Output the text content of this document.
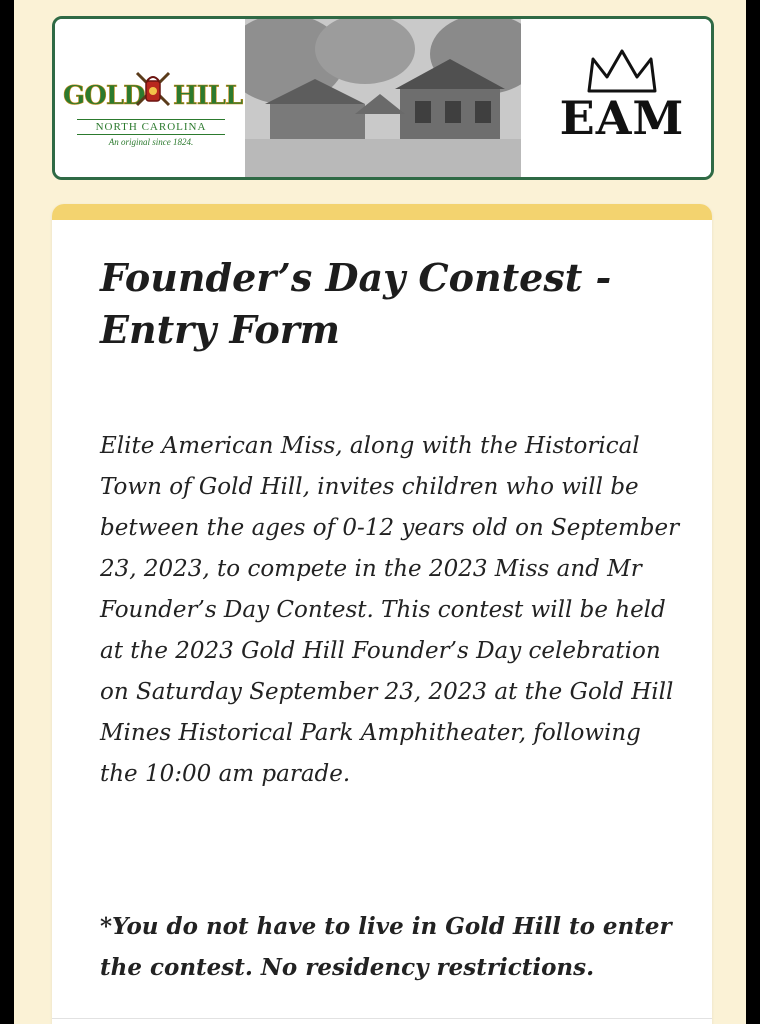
GOLD HILL
NORTH CAROLINA
An original since 1824.	EAM
Founder’s Day Contest - Entry Form

Elite American Miss, along with the Historical Town of Gold Hill, invites children who will be between the ages of 0-12 years old on September 23, 2023, to compete in the 2023 Miss and Mr Founder’s Day Contest. This contest will be held at the 2023 Gold Hill Founder’s Day celebration on Saturday September 23, 2023 at the Gold Hill Mines Historical Park Amphitheater, following the 10:00 am parade.

*You do not have to live in Gold Hill to enter the contest. No residency restrictions.
